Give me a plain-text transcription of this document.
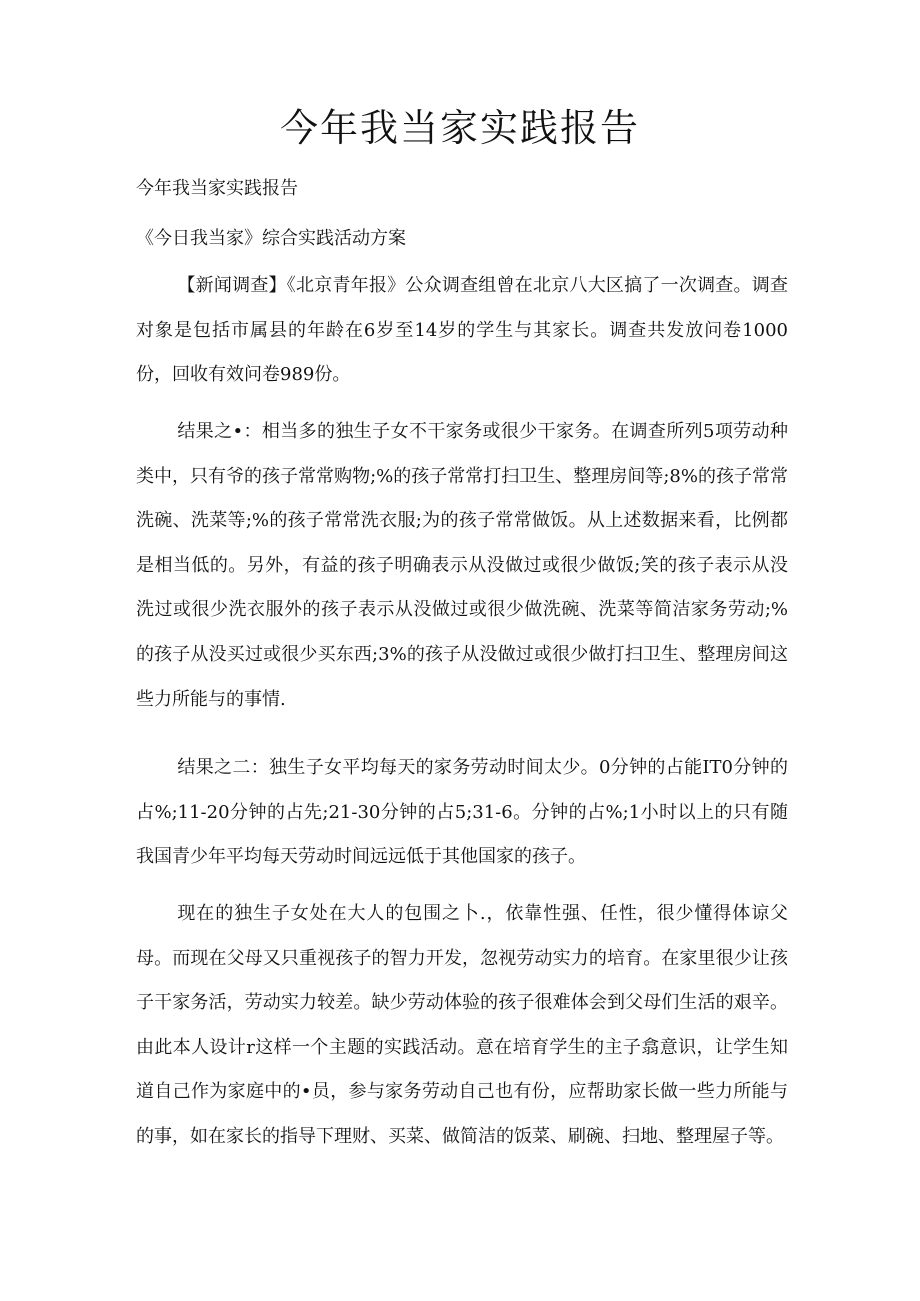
今年我当家实践报告
今年我当家实践报告
《今日我当家》综合实践活动方案

【新闻调查】《北京青年报》公众调查组曾在北京八大区搞了一次调查。调查对象是包括市属县的年龄在6岁至14岁的学生与其家长。调查共发放问卷1000份，回收有效问卷989份。

结果之•：相当多的独生子女不干家务或很少干家务。在调查所列5项劳动种类中，只有爷的孩子常常购物;%的孩子常常打扫卫生、整理房间等;8%的孩子常常洗碗、洗菜等;%的孩子常常洗衣服;为的孩子常常做饭。从上述数据来看，比例都是相当低的。另外，有益的孩子明确表示从没做过或很少做饭;笑的孩子表示从没洗过或很少洗衣服外的孩子表示从没做过或很少做洗碗、洗菜等简洁家务劳动;%的孩子从没买过或很少买东西;3%的孩子从没做过或很少做打扫卫生、整理房间这些力所能与的事情.

结果之二：独生子女平均每天的家务劳动时间太少。0分钟的占能IT0分钟的占%;11-20分钟的占先;21-30分钟的占5;31-6。分钟的占%;1小时以上的只有随我国青少年平均每天劳动时间远远低于其他国家的孩子。

现在的独生子女处在大人的包围之卜.，依靠性强、任性，很少懂得体谅父母。而现在父母又只重视孩子的智力开发，忽视劳动实力的培育。在家里很少让孩子干家务活，劳动实力较差。缺少劳动体验的孩子很难体会到父母们生活的艰辛。由此本人设计r这样一个主题的实践活动。意在培育学生的主子翕意识，让学生知道自己作为家庭中的•员，参与家务劳动自己也有份，应帮助家长做一些力所能与的事，如在家长的指导下理财、买菜、做简洁的饭菜、刷碗、扫地、整理屋子等。
